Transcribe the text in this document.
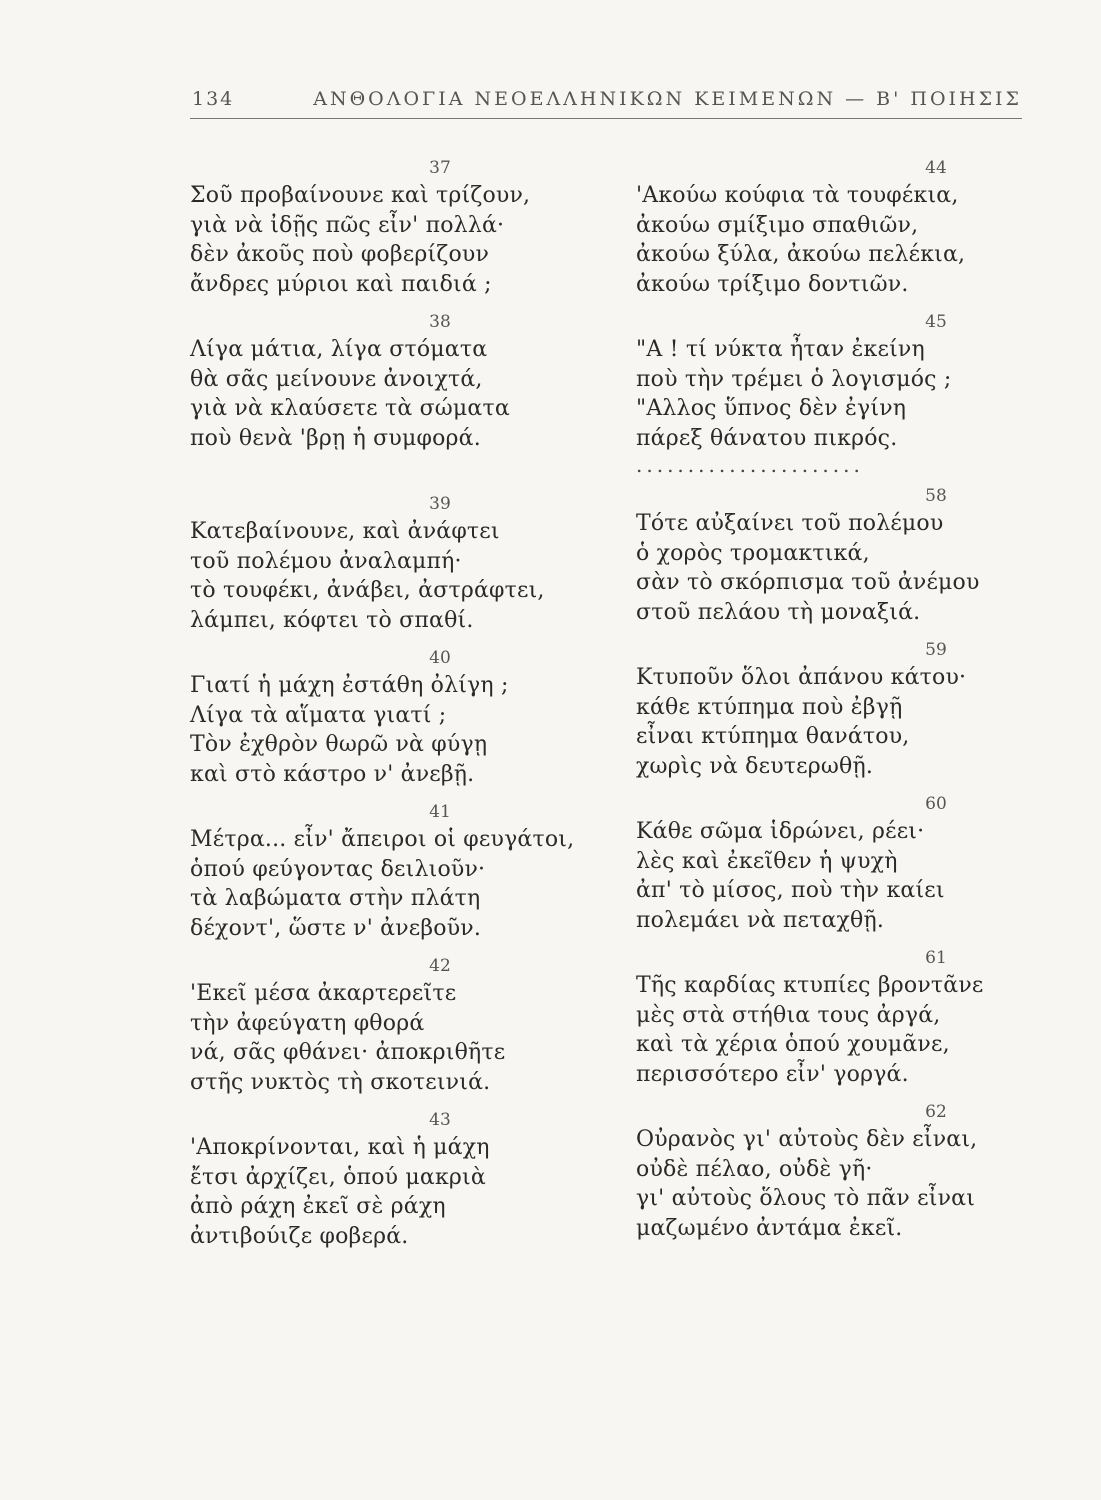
134	ΑΝΘΟΛΟΓΙΑ ΝΕΟΕΛΛΗΝΙΚΩΝ ΚΕΙΜΕΝΩΝ — Β' ΠΟΙΗΣΙΣ
37
Σοῦ προβαίνουνε καὶ τρίζουν,
γιὰ νὰ ἰδῇς πῶς εἶν' πολλά·
δὲν ἀκοῦς ποὺ φοβερίζουν
ἄνδρες μύριοι καὶ παιδιά ;
38
Λίγα μάτια, λίγα στόματα
θὰ σᾶς μείνουνε ἀνοιχτά,
γιὰ νὰ κλαύσετε τὰ σώματα
ποὺ θενὰ 'βρῃ ἡ συμφορά.
39
Κατεβαίνουνε, καὶ ἀνάφτει
τοῦ πολέμου ἀναλαμπή·
τὸ τουφέκι, ἀνάβει, ἀστράφτει,
λάμπει, κόφτει τὸ σπαθί.
40
Γιατί ἡ μάχη ἐστάθη ὀλίγη ;
Λίγα τὰ αἵματα γιατί ;
Τὸν ἐχθρὸν θωρῶ νὰ φύγῃ
καὶ στὸ κάστρο ν' ἀνεβῇ.
41
Μέτρα... εἶν' ἄπειροι οἱ φευγάτοι,
ὁπού φεύγοντας δειλιοῦν·
τὰ λαβώματα στὴν πλάτη
δέχοντ', ὥστε ν' ἀνεβοῦν.
42
'Εκεῖ μέσα ἀκαρτερεῖτε
τὴν ἀφεύγατη φθορά
νά, σᾶς φθάνει· ἀποκριθῆτε
στῆς νυκτὸς τὴ σκοτεινιά.
43
'Αποκρίνονται, καὶ ἡ μάχη
ἔτσι ἀρχίζει, ὁπού μακριὰ
ἀπὸ ράχη ἐκεῖ σὲ ράχη
ἀντιβούιζε φοβερά.
44
'Ακούω κούφια τὰ τουφέκια,
ἀκούω σμίξιμο σπαθιῶν,
ἀκούω ξύλα, ἀκούω πελέκια,
ἀκούω τρίξιμο δοντιῶν.
45
"Α ! τί νύκτα ἦταν ἐκείνη
ποὺ τὴν τρέμει ὁ λογισμός ;
"Αλλος ὕπνος δὲν ἐγίνη
πάρεξ θάνατου πικρός.
......................
58
Τότε αὐξαίνει τοῦ πολέμου
ὁ χορὸς τρομακτικά,
σὰν τὸ σκόρπισμα τοῦ ἀνέμου
στοῦ πελάου τὴ μοναξιά.
59
Κτυποῦν ὅλοι ἀπάνου κάτου·
κάθε κτύπημα ποὺ ἐβγῇ
εἶναι κτύπημα θανάτου,
χωρὶς νὰ δευτερωθῇ.
60
Κάθε σῶμα ἱδρώνει, ρέει·
λὲς καὶ ἐκεῖθεν ἡ ψυχὴ
ἀπ' τὸ μίσος, ποὺ τὴν καίει
πολεμάει νὰ πεταχθῇ.
61
Τῆς καρδίας κτυπίες βροντᾶνε
μὲς στὰ στήθια τους ἀργά,
καὶ τὰ χέρια ὁπού χουμᾶνε,
περισσότερο εἶν' γοργά.
62
Οὐρανὸς γι' αὐτοὺς δὲν εἶναι,
οὐδὲ πέλαο, οὐδὲ γῆ·
γι' αὐτοὺς ὅλους τὸ πᾶν εἶναι
μαζωμένο ἀντάμα ἐκεῖ.
